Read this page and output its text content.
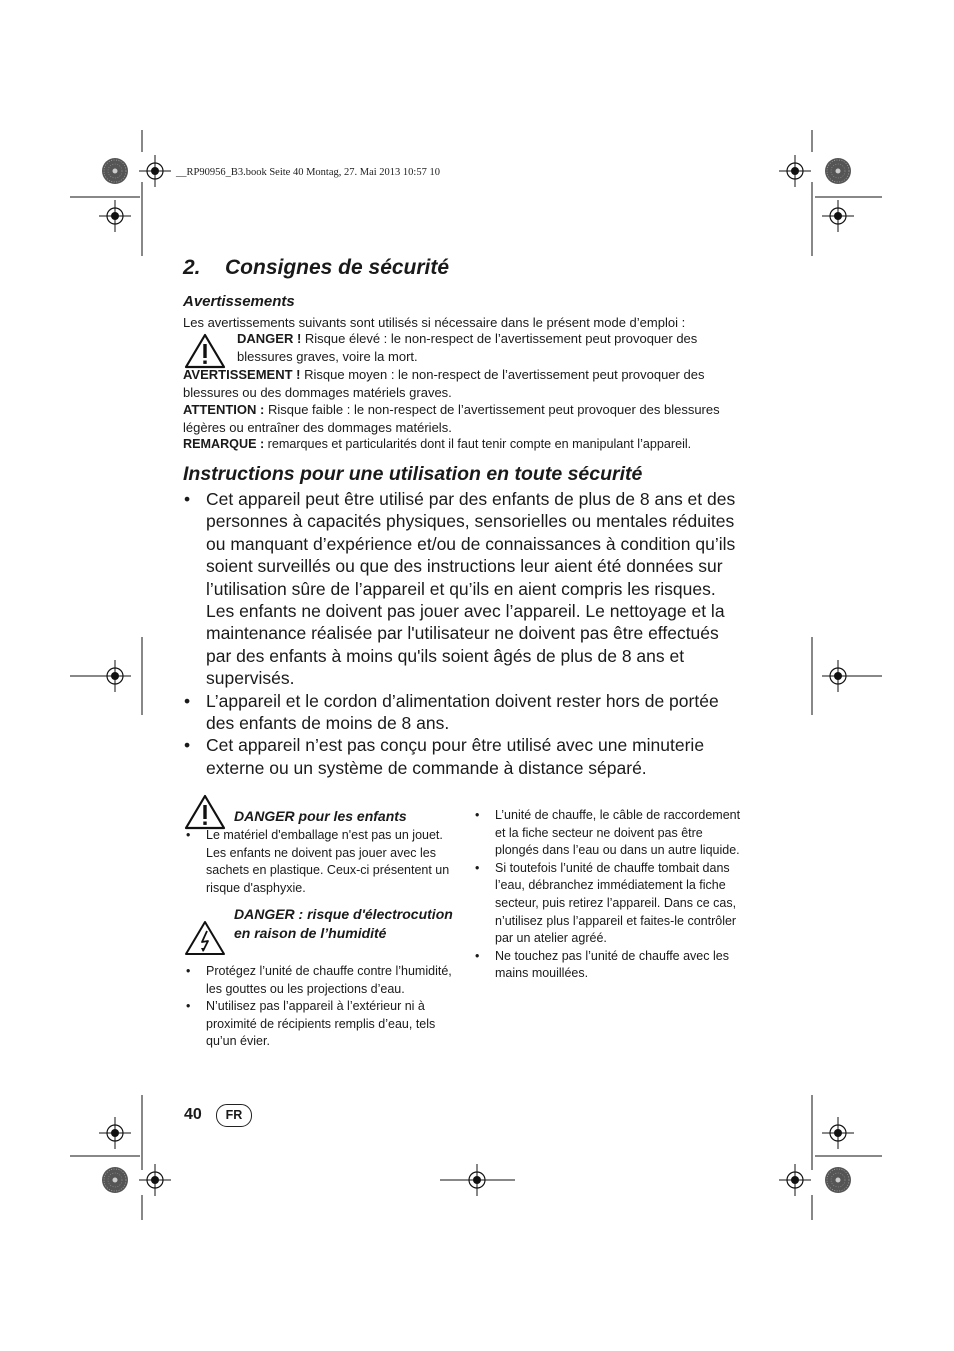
__RP90956_B3.book Seite 40 Montag, 27. Mai 2013 10:57 10
2. Consignes de sécurité
Avertissements
Les avertissements suivants sont utilisés si nécessaire dans le présent mode d’emploi :
DANGER ! Risque élevé : le non-respect de l’avertissement peut provoquer des blessures graves, voire la mort.
AVERTISSEMENT ! Risque moyen : le non-respect de l’avertissement peut provoquer des blessures ou des dommages matériels graves.
ATTENTION : Risque faible : le non-respect de l’avertissement peut provoquer des blessures légères ou entraîner des dommages matériels.
REMARQUE : remarques et particularités dont il faut tenir compte en manipulant l’appareil.
Instructions pour une utilisation en toute sécurité
• Cet appareil peut être utilisé par des enfants de plus de 8 ans et des personnes à capacités physiques, sensorielles ou mentales réduites ou manquant d’expérience et/ou de connaissances à condition qu’ils soient surveillés ou que des instructions leur aient été données sur l’utilisation sûre de l’appareil et qu’ils en aient compris les risques. Les enfants ne doivent pas jouer avec l’appareil. Le nettoyage et la maintenance réalisée par l'utilisateur ne doivent pas être effectués par des enfants à moins qu'ils soient âgés de plus de 8 ans et supervisés.
• L’appareil et le cordon d’alimentation doivent rester hors de portée des enfants de moins de 8 ans.
• Cet appareil n’est pas conçu pour être utilisé avec une minuterie externe ou un système de commande à distance séparé.
DANGER pour les enfants
• Le matériel d'emballage n'est pas un jouet. Les enfants ne doivent pas jouer avec les sachets en plastique. Ceux-ci présentent un risque d'asphyxie.
DANGER : risque d'électrocution en raison de l’humidité
• Protégez l’unité de chauffe contre l’humidité, les gouttes ou les projections d’eau.
• N’utilisez pas l’appareil à l’extérieur ni à proximité de récipients remplis d’eau, tels qu’un évier.
• L’unité de chauffe, le câble de raccordement et la fiche secteur ne doivent pas être plongés dans l’eau ou dans un autre liquide.
• Si toutefois l’unité de chauffe tombait dans l’eau, débranchez immédiatement la fiche secteur, puis retirez l’appareil. Dans ce cas, n’utilisez plus l’appareil et faites-le contrôler par un atelier agréé.
• Ne touchez pas l’unité de chauffe avec les mains mouillées.
40	FR
